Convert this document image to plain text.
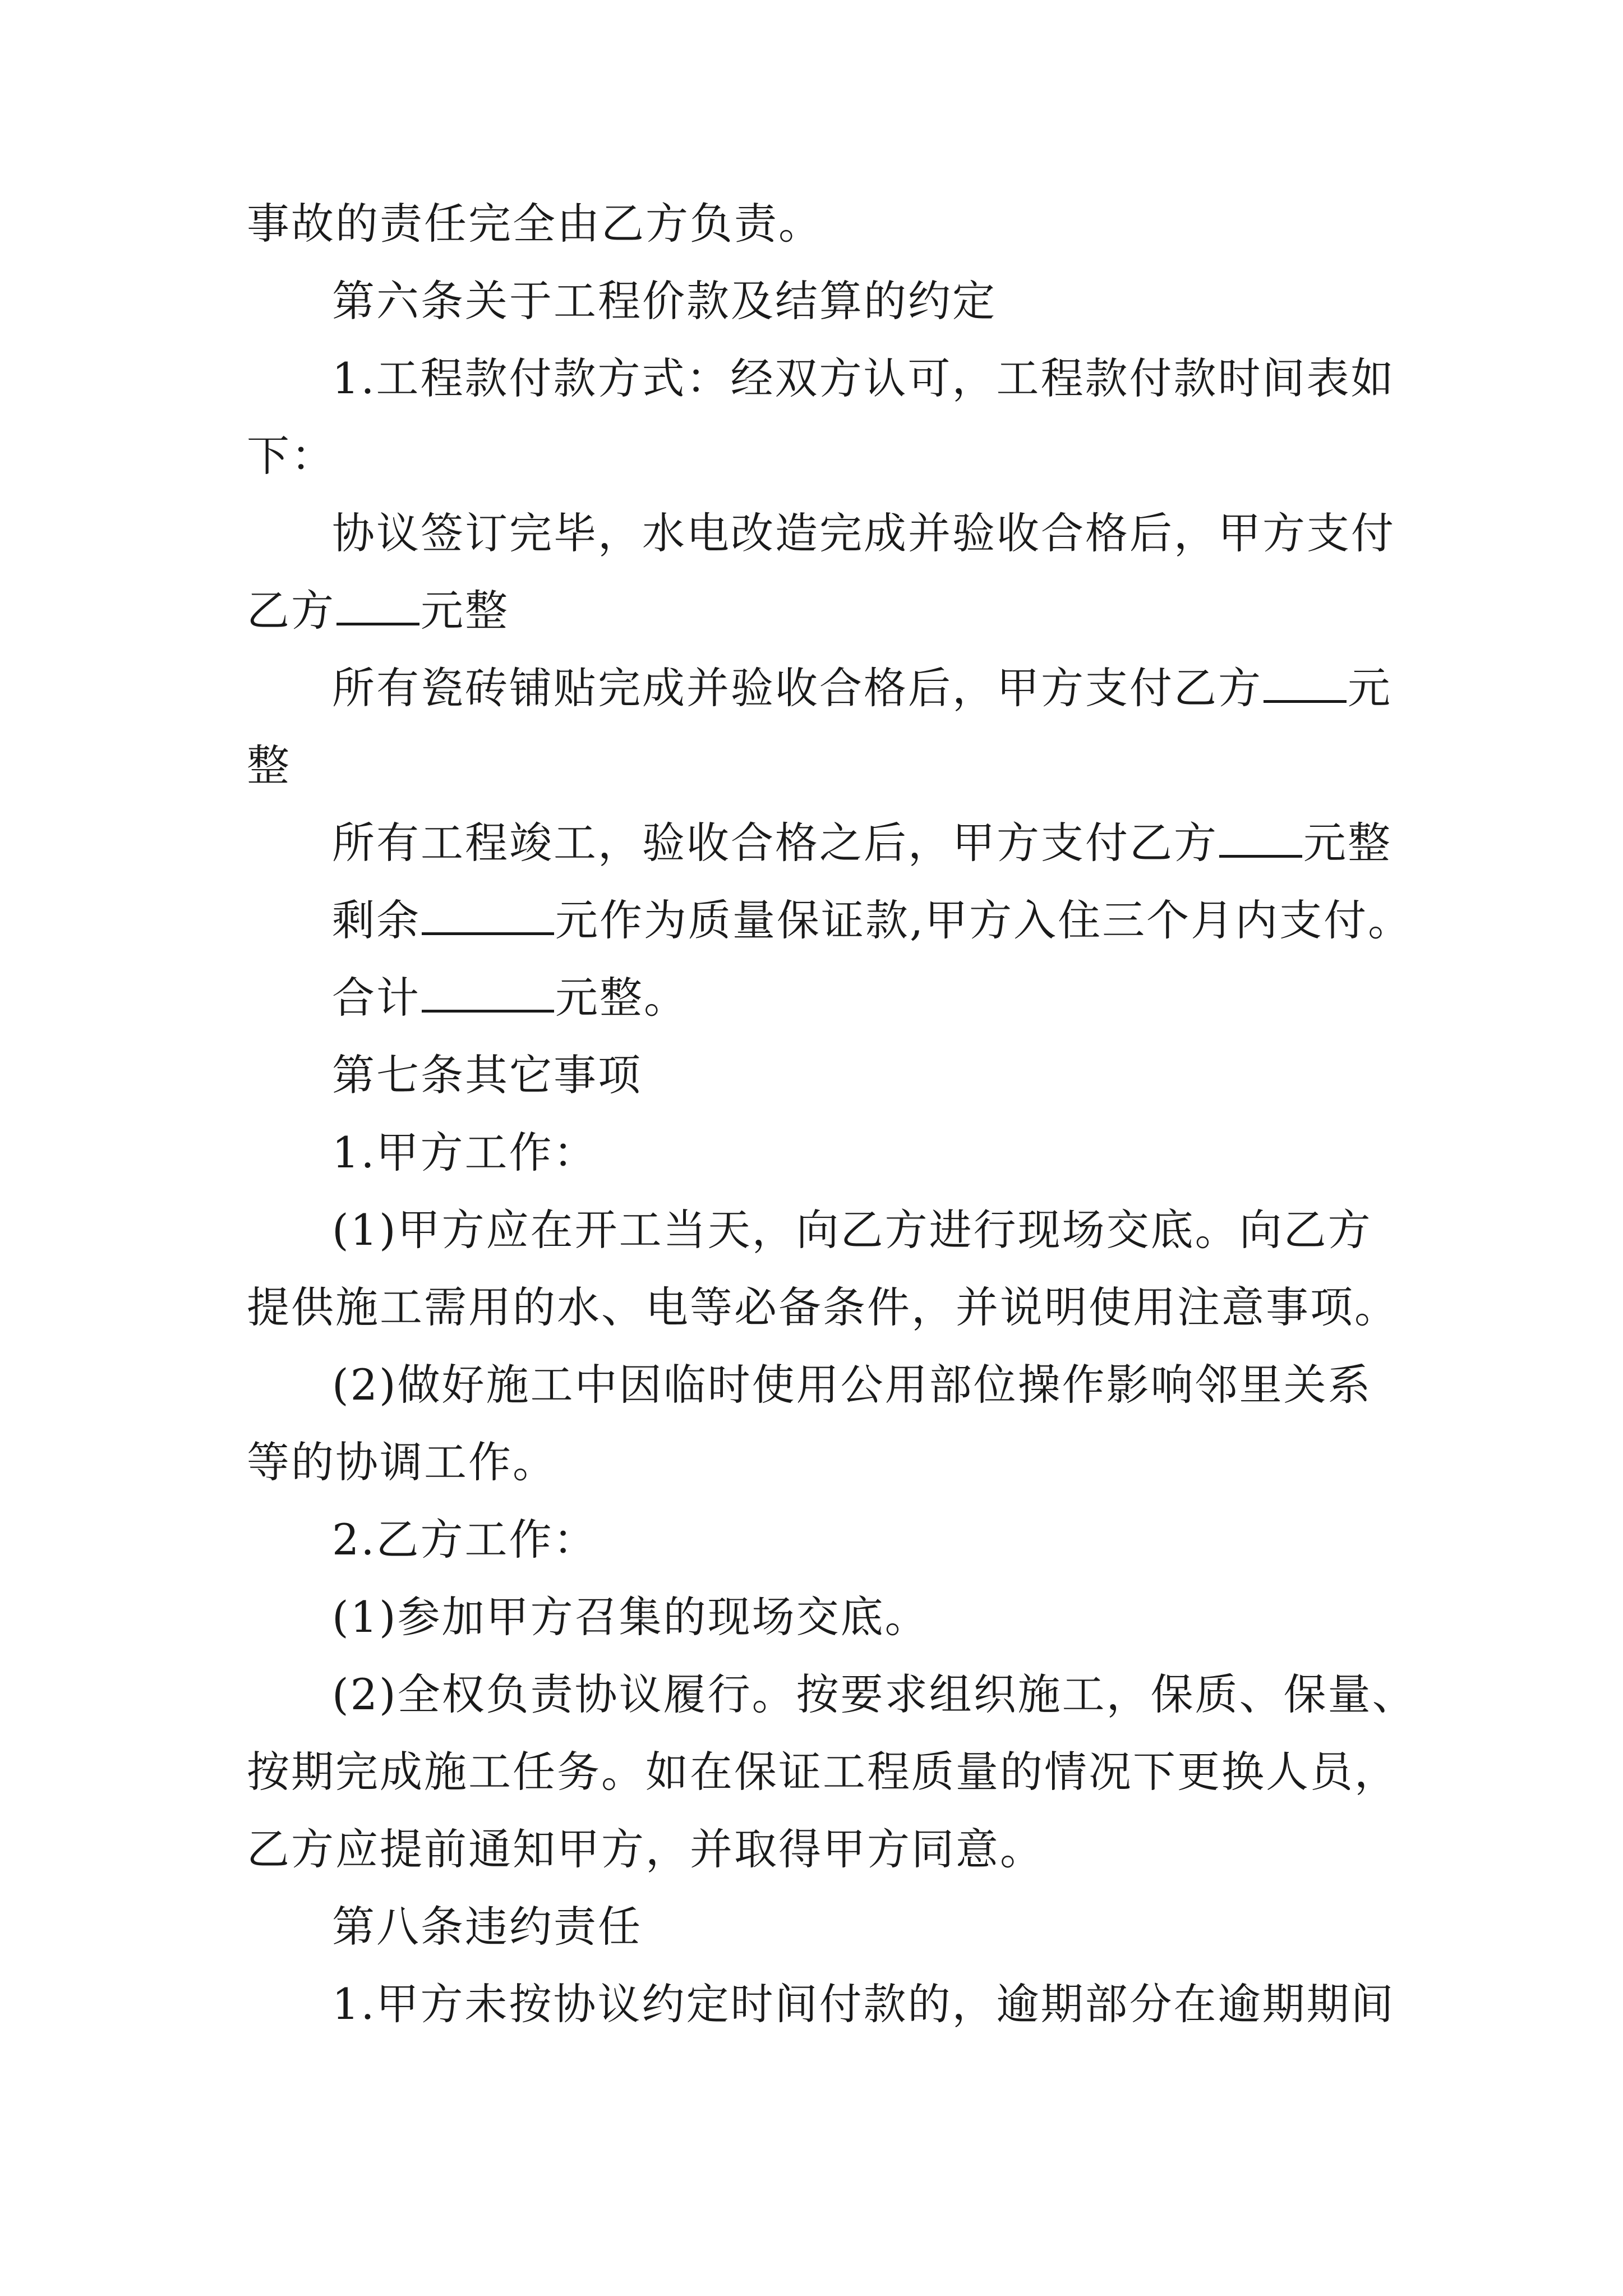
事故的责任完全由乙方负责。
第六条关于工程价款及结算的约定
1.工程款付款方式：经双方认可，工程款付款时间表如
下：
协议签订完毕，水电改造完成并验收合格后，甲方支付
乙方 元整
所有瓷砖铺贴完成并验收合格后，甲方支付乙方 元
整
所有工程竣工，验收合格之后，甲方支付乙方 元整
剩余	元作为质量保证款,甲方入住三个月内支付。
合计	元整。
第七条其它事项
1.甲方工作：
(1)甲方应在开工当天，向乙方进行现场交底。向乙方
提供施工需用的水、电等必备条件，并说明使用注意事项。
(2)做好施工中因临时使用公用部位操作影响邻里关系
等的协调工作。
2.乙方工作：
(1)参加甲方召集的现场交底。
(2)全权负责协议履行。按要求组织施工，保质、保量、
按期完成施工任务。如在保证工程质量的情况下更换人员，
乙方应提前通知甲方，并取得甲方同意。
第八条违约责任
1.甲方未按协议约定时间付款的，逾期部分在逾期期间
